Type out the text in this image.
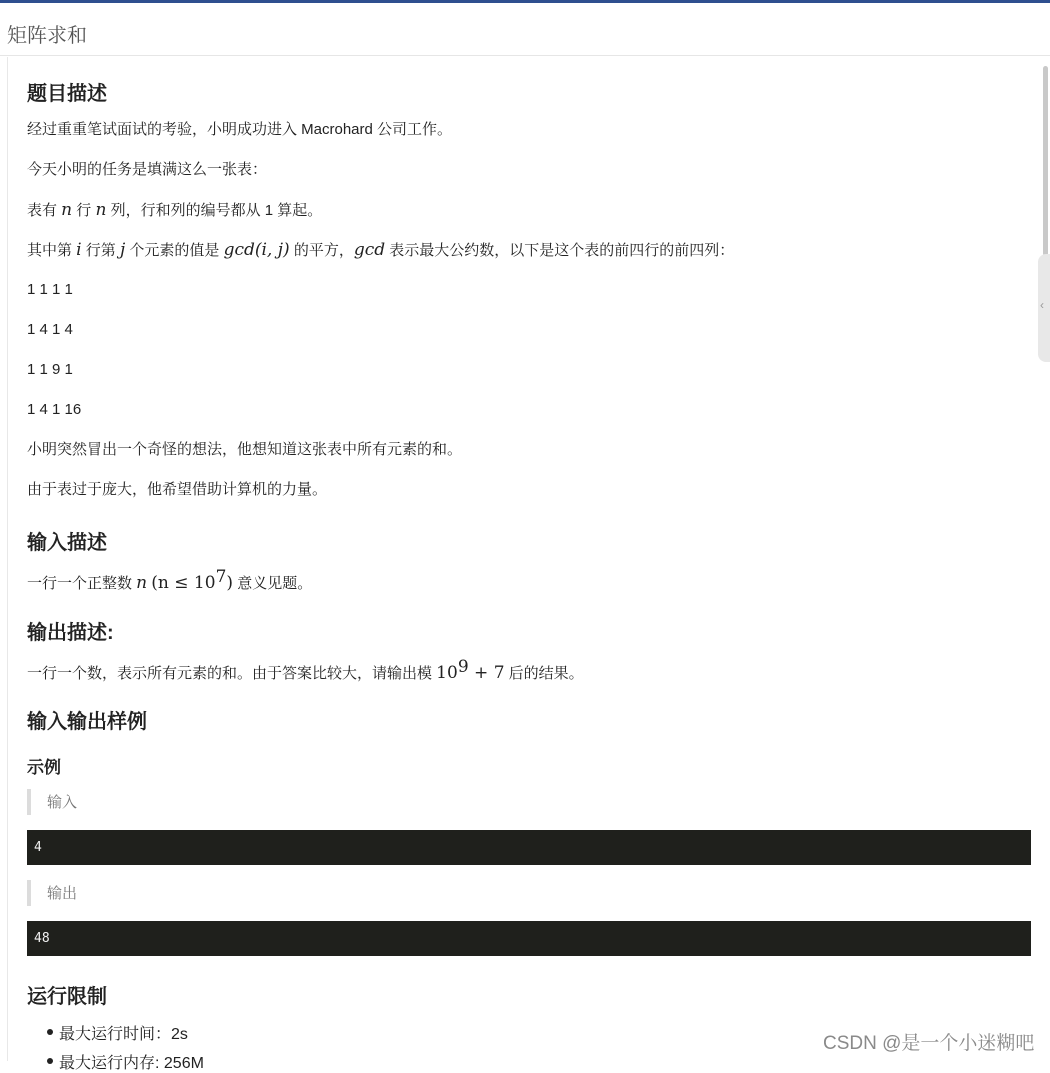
矩阵求和
题目描述
经过重重笔试面试的考验，小明成功进入 Macrohard 公司工作。
今天小明的任务是填满这么一张表：
表有 n 行 n 列，行和列的编号都从 1 算起。
其中第 i 行第 j 个元素的值是 gcd(i, j) 的平方，gcd 表示最大公约数，以下是这个表的前四行的前四列：
1 1 1 1
1 4 1 4
1 1 9 1
1 4 1 16
小明突然冒出一个奇怪的想法，他想知道这张表中所有元素的和。
由于表过于庞大，他希望借助计算机的力量。
输入描述
一行一个正整数 n $(n \le 10^7)$ 意义见题。
输出描述:
一行一个数，表示所有元素的和。由于答案比较大，请输出模 $10^9 + 7$ 后的结果。
输入输出样例
示例
输入
4
输出
48
运行限制
最大运行时间：2s
最大运行内存: 256M
‹
CSDN @是一个小迷糊吧
